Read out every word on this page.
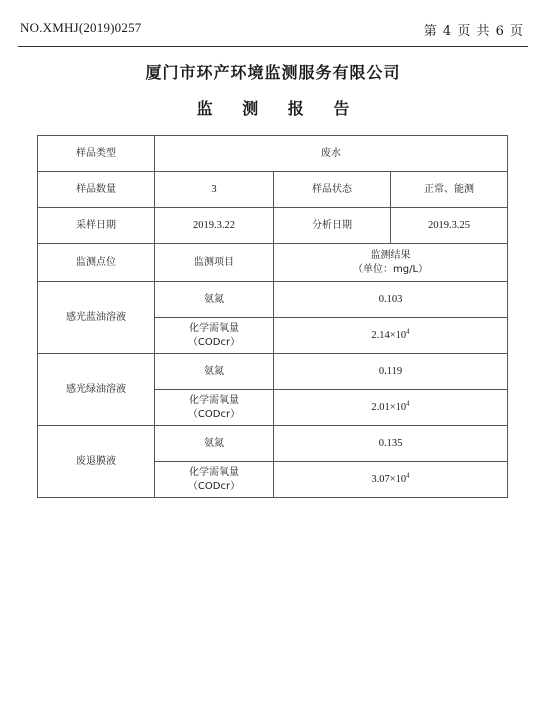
NO.XMHJ(2019)0257	第 4 页 共 6 页
厦门市环产环境监测服务有限公司
监 测 报 告
样品类型	废水		
样品数量	3	样品状态	正常、能测
采样日期	2019.3.22	分析日期	2019.3.25
监测点位	监测项目	监测结果
（单位：mg/L）	

感光蓝油溶液	氨氮	0.103	

	化学需氧量
（CODcr）	$2.14\times 10^4$
感光绿油溶液	氨氮	0.119	

	化学需氧量
（CODcr）	$2.01\times 10^4$
废退膜液	氨氮	0.135	

	化学需氧量
（CODcr）	$3.07\times 10^4$
